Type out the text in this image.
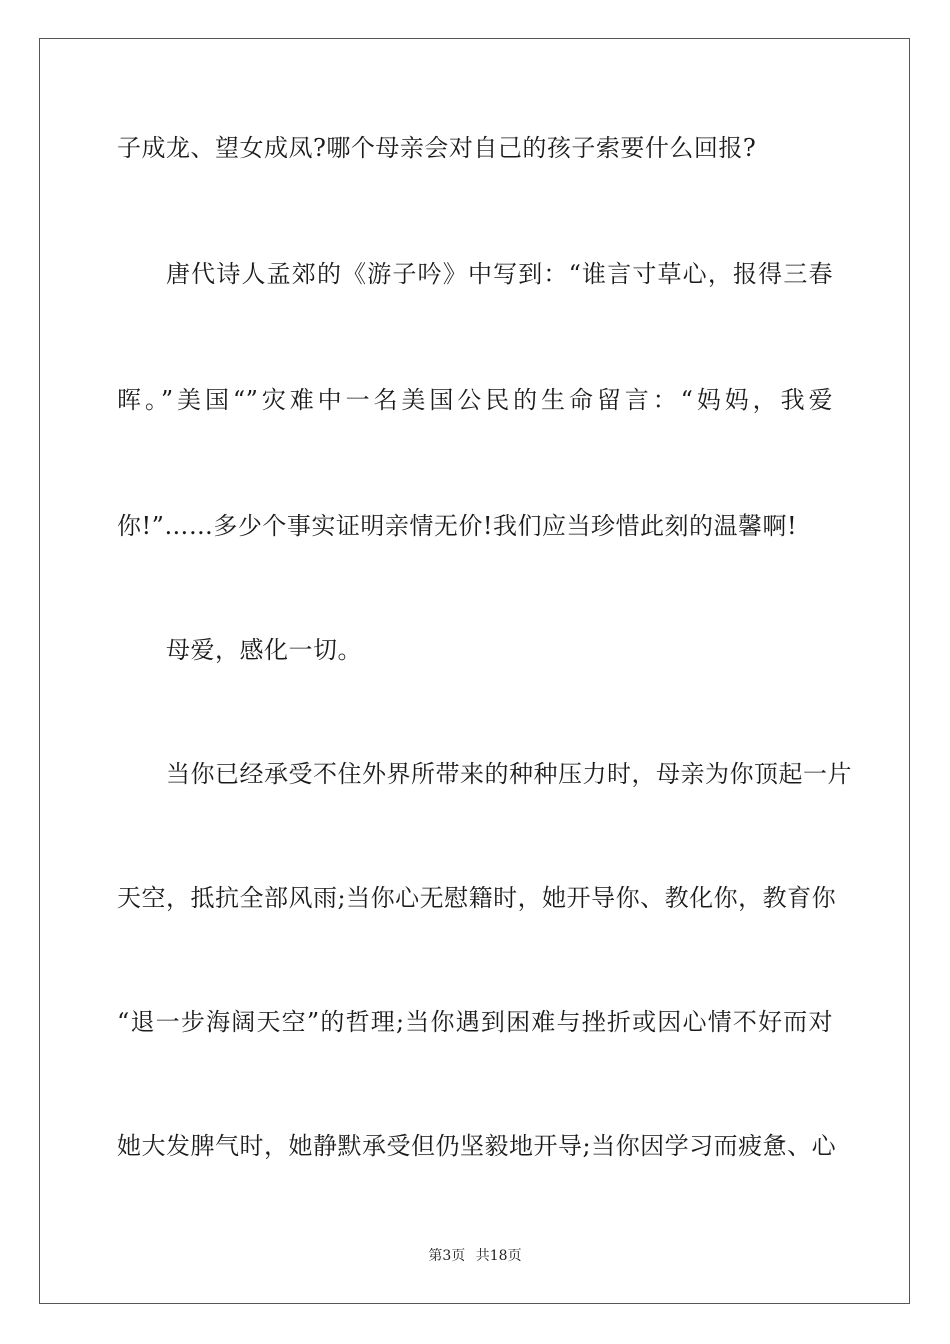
子成龙、望女成凤?哪个母亲会对自己的孩子索要什么回报?
唐代诗人孟郊的《游子吟》中写到：“谁言寸草心，报得三春
晖。”美国“”灾难中一名美国公民的生命留言：“妈妈，我爱
你!”……多少个事实证明亲情无价!我们应当珍惜此刻的温馨啊!
母爱，感化一切。
当你已经承受不住外界所带来的种种压力时，母亲为你顶起一片
天空，抵抗全部风雨;当你心无慰籍时，她开导你、教化你，教育你
“退一步海阔天空”的哲理;当你遇到困难与挫折或因心情不好而对
她大发脾气时，她静默承受但仍坚毅地开导;当你因学习而疲惫、心
第3页 共18页
